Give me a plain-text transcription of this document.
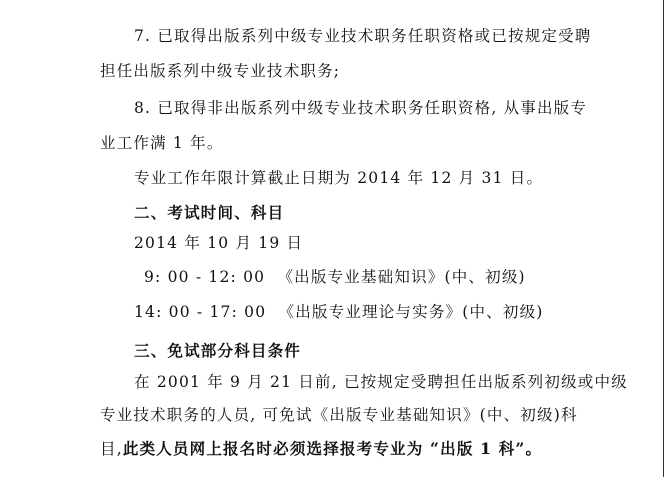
7. 已取得出版系列中级专业技术职务任职资格或已按规定受聘
担任出版系列中级专业技术职务;
8. 已取得非出版系列中级专业技术职务任职资格, 从事出版专
业工作满 1 年。
专业工作年限计算截止日期为 2014 年 12 月 31 日。
二、考试时间、科目
2014 年 10 月 19 日
9: 00 - 12: 00  《出版专业基础知识》(中、初级)
14: 00 - 17: 00  《出版专业理论与实务》(中、初级)
三、免试部分科目条件
在 2001 年 9 月 21 日前, 已按规定受聘担任出版系列初级或中级
专业技术职务的人员, 可免试《出版专业基础知识》(中、初级)科
目,此类人员网上报名时必须选择报考专业为 “出版 1 科”。
